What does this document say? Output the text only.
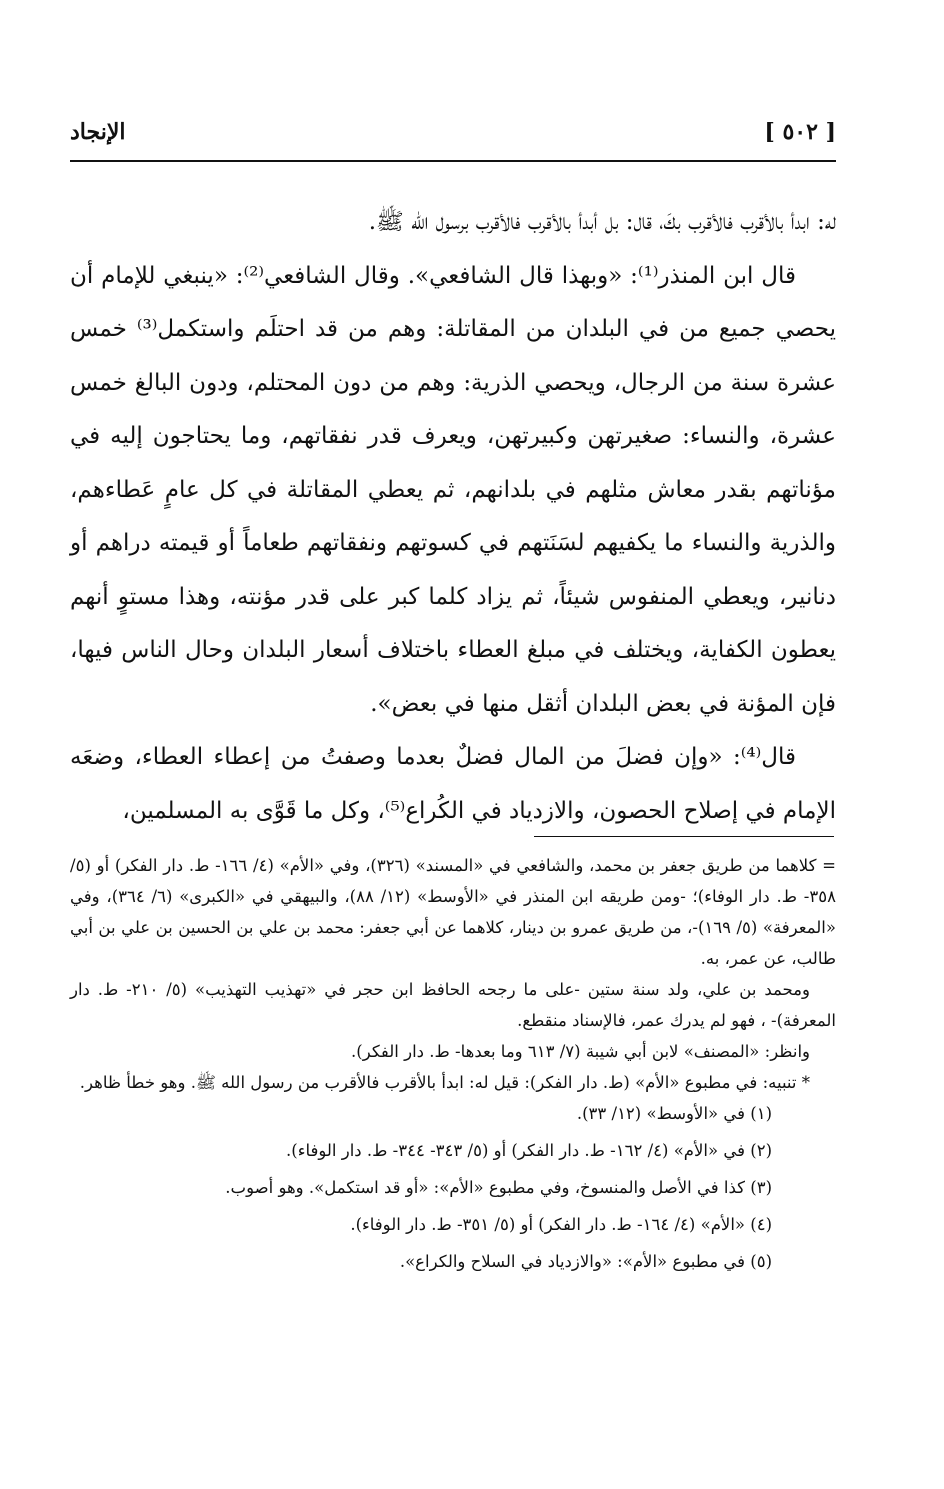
[ ٥٠٢ ]
الإنجاد

له: ابدأ بالأقرب فالأقرب بكَ، قال: بل أبدأ بالأقرب فالأقرب برسول الله ﷺ.

قال ابن المنذر⁽¹⁾: «وبهذا قال الشافعي». وقال الشافعي⁽²⁾: «ينبغي للإمام أن يحصي جميع من في البلدان من المقاتلة: وهم من قد احتلَم واستكمل⁽³⁾ خمس عشرة سنة من الرجال، ويحصي الذرية: وهم من دون المحتلم، ودون البالغ خمس عشرة، والنساء: صغيرتهن وكبيرتهن، ويعرف قدر نفقاتهم، وما يحتاجون إليه في مؤناتهم بقدر معاش مثلهم في بلدانهم، ثم يعطي المقاتلة في كل عامٍ عَطاءهم، والذرية والنساء ما يكفيهم لسَنَتهم في كسوتهم ونفقاتهم طعاماً أو قيمته دراهم أو دنانير، ويعطي المنفوس شيئاً، ثم يزاد كلما كبر على قدر مؤنته، وهذا مستوٍ أنهم يعطون الكفاية، ويختلف في مبلغ العطاء باختلاف أسعار البلدان وحال الناس فيها، فإن المؤنة في بعض البلدان أثقل منها في بعض».

قال⁽⁴⁾: «وإن فضلَ من المال فضلٌ بعدما وصفتُ من إعطاء العطاء، وضعَه الإمام في إصلاح الحصون، والازدياد في الكُراع⁽⁵⁾، وكل ما قَوَّى به المسلمين،

= كلاهما من طريق جعفر بن محمد، والشافعي في «المسند» (٣٢٦)، وفي «الأم» (٤/ ١٦٦- ط. دار الفكر) أو (٥/ ٣٥٨- ط. دار الوفاء)؛ -ومن طريقه ابن المنذر في «الأوسط» (١٢/ ٨٨)، والبيهقي في «الكبرى» (٦/ ٣٦٤)، وفي «المعرفة» (٥/ ١٦٩)-، من طريق عمرو بن دينار، كلاهما عن أبي جعفر: محمد بن علي بن الحسين بن علي بن أبي طالب، عن عمر، به.

ومحمد بن علي، ولد سنة ستين -على ما رجحه الحافظ ابن حجر في «تهذيب التهذيب» (٥/ ٢١٠- ط. دار المعرفة)- ، فهو لم يدرك عمر، فالإسناد منقطع.

وانظر: «المصنف» لابن أبي شيبة (٧/ ٦١٣ وما بعدها- ط. دار الفكر).

* تنبيه: في مطبوع «الأم» (ط. دار الفكر): قيل له: ابدأ بالأقرب فالأقرب من رسول الله ﷺ. وهو خطأ ظاهر.

(١) في «الأوسط» (١٢/ ٣٣).

(٢) في «الأم» (٤/ ١٦٢- ط. دار الفكر) أو (٥/ ٣٤٣- ٣٤٤- ط. دار الوفاء).

(٣) كذا في الأصل والمنسوخ، وفي مطبوع «الأم»: «أو قد استكمل». وهو أصوب.

(٤) «الأم» (٤/ ١٦٤- ط. دار الفكر) أو (٥/ ٣٥١- ط. دار الوفاء).

(٥) في مطبوع «الأم»: «والازدياد في السلاح والكراع».
